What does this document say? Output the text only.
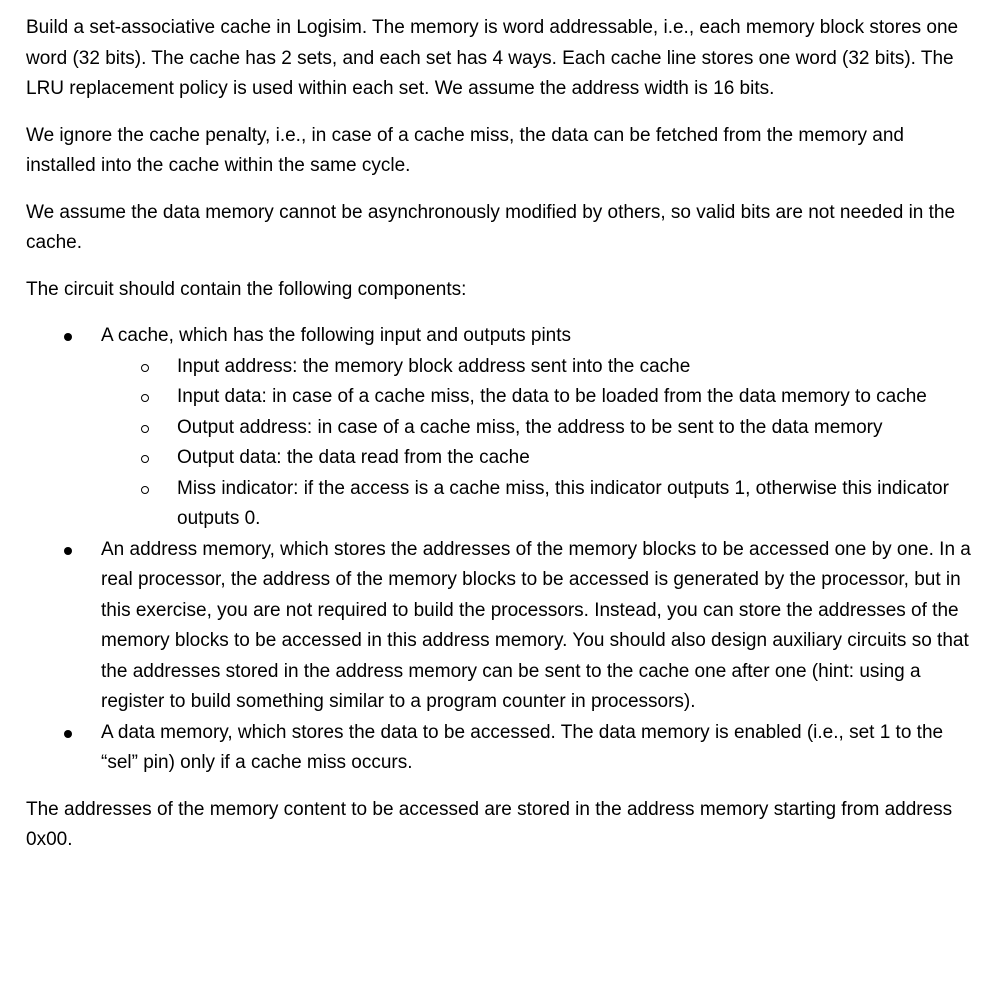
Build a set-associative cache in Logisim. The memory is word addressable, i.e., each memory block stores one word (32 bits). The cache has 2 sets, and each set has 4 ways. Each cache line stores one word (32 bits). The LRU replacement policy is used within each set. We assume the address width is 16 bits.

We ignore the cache penalty, i.e., in case of a cache miss, the data can be fetched from the memory and installed into the cache within the same cycle.

We assume the data memory cannot be asynchronously modified by others, so valid bits are not needed in the cache.

The circuit should contain the following components:

A cache, which has the following input and outputs pints
Input address: the memory block address sent into the cache
Input data: in case of a cache miss, the data to be loaded from the data memory to cache
Output address: in case of a cache miss, the address to be sent to the data memory
Output data: the data read from the cache
Miss indicator: if the access is a cache miss, this indicator outputs 1, otherwise this indicator outputs 0.
An address memory, which stores the addresses of the memory blocks to be accessed one by one. In a real processor, the address of the memory blocks to be accessed is generated by the processor, but in this exercise, you are not required to build the processors. Instead, you can store the addresses of the memory blocks to be accessed in this address memory. You should also design auxiliary circuits so that the addresses stored in the address memory can be sent to the cache one after one (hint: using a register to build something similar to a program counter in processors).
A data memory, which stores the data to be accessed. The data memory is enabled (i.e., set 1 to the “sel” pin) only if a cache miss occurs.

The addresses of the memory content to be accessed are stored in the address memory starting from address 0x00.
